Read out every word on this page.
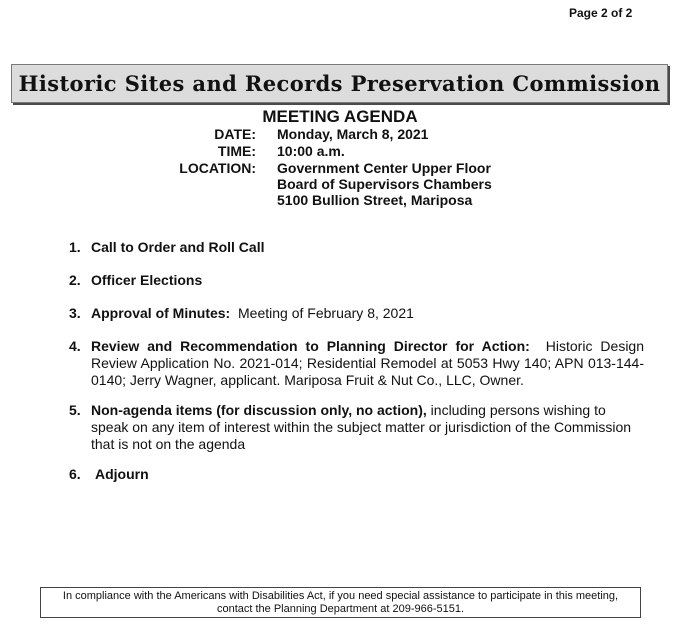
Page 2 of 2
Historic Sites and Records Preservation Commission
MEETING AGENDA
DATE: Monday, March 8, 2021
TIME: 10:00 a.m.
LOCATION: Government Center Upper Floor
Board of Supervisors Chambers
5100 Bullion Street, Mariposa
1. Call to Order and Roll Call
2. Officer Elections
3. Approval of Minutes: Meeting of February 8, 2021
4. Review and Recommendation to Planning Director for Action: Historic Design Review Application No. 2021-014; Residential Remodel at 5053 Hwy 140; APN 013-144-0140; Jerry Wagner, applicant. Mariposa Fruit & Nut Co., LLC, Owner.
5. Non-agenda items (for discussion only, no action), including persons wishing to speak on any item of interest within the subject matter or jurisdiction of the Commission that is not on the agenda
6. Adjourn
In compliance with the Americans with Disabilities Act, if you need special assistance to participate in this meeting,
contact the Planning Department at 209-966-5151.
